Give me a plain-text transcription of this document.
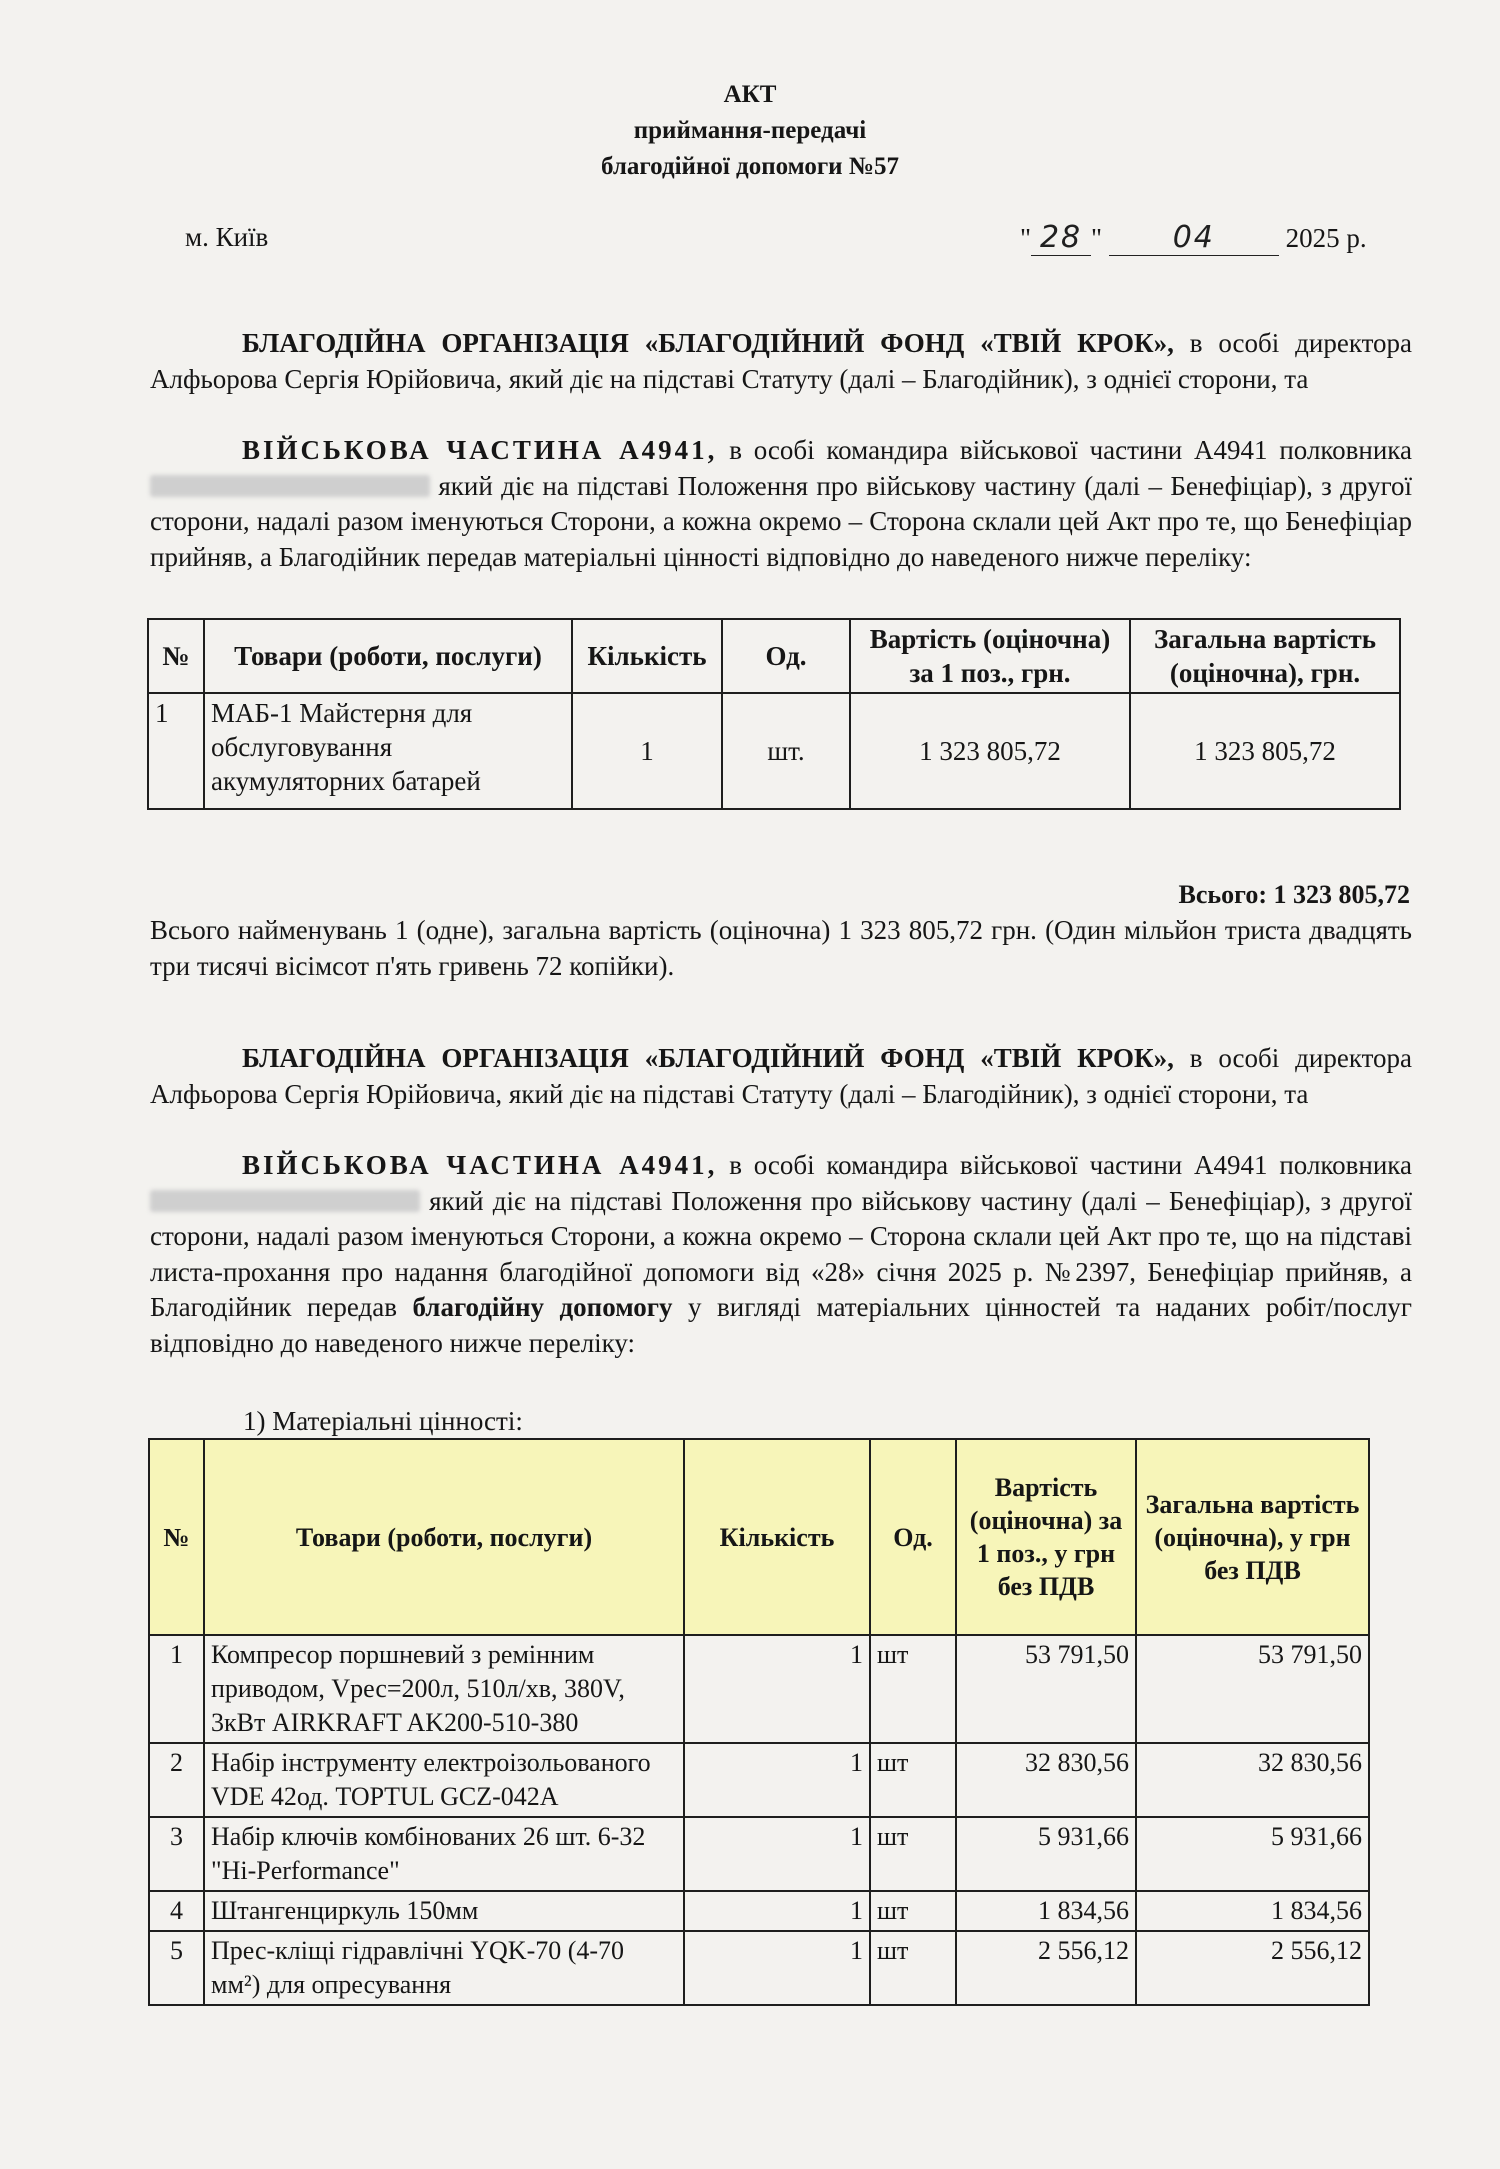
АКТ
приймання-передачі
благодійної допомоги №57
м. Київ	" 28 " 04	2025 р.
БЛАГОДІЙНА ОРГАНІЗАЦІЯ «БЛАГОДІЙНИЙ ФОНД «ТВІЙ КРОК», в особі директора Алфьорова Сергія Юрійовича, який діє на підставі Статуту (далі – Благодійник), з однієї сторони, та
ВІЙСЬКОВА ЧАСТИНА А4941, в особі командира військової частини А4941 полковника  який діє на підставі Положення про військову частину (далі – Бенефіціар), з другої сторони, надалі разом іменуються Сторони, а кожна окремо – Сторона склали цей Акт про те, що Бенефіціар прийняв, а Благодійник передав матеріальні цінності відповідно до наведеного нижче переліку:
№	Товари (роботи, послуги)	Кількість	Од.	Вартість (оціночна) за 1 поз., грн.	Загальна вартість (оціночна), грн.
1	МАБ-1 Майстерня для обслуговування акумуляторних батарей	1	шт.	1 323 805,72	1 323 805,72
Всього: 1 323 805,72
Всього найменувань 1 (одне), загальна вартість (оціночна) 1 323 805,72 грн. (Один мільйон триста двадцять три тисячі вісімсот п'ять гривень 72 копійки).
БЛАГОДІЙНА ОРГАНІЗАЦІЯ «БЛАГОДІЙНИЙ ФОНД «ТВІЙ КРОК», в особі директора Алфьорова Сергія Юрійовича, який діє на підставі Статуту (далі – Благодійник), з однієї сторони, та
ВІЙСЬКОВА ЧАСТИНА А4941, в особі командира військової частини А4941 полковника  який діє на підставі Положення про військову частину (далі – Бенефіціар), з другої сторони, надалі разом іменуються Сторони, а кожна окремо – Сторона склали цей Акт про те, що на підставі листа-прохання про надання благодійної допомоги від «28» січня 2025 р. №2397, Бенефіціар прийняв, а Благодійник передав благодійну допомогу у вигляді матеріальних цінностей та наданих робіт/послуг відповідно до наведеного нижче переліку:
1) Матеріальні цінності:
№	Товари (роботи, послуги)	Кількість	Од.	Вартість (оціночна) за 1 поз., у грн без ПДВ	Загальна вартість (оціночна), у грн без ПДВ
1	Компресор поршневий з ремінним приводом, Vрес=200л, 510л/хв, 380V, 3кВт AIRKRAFT AK200-510-380	1	шт	53 791,50	53 791,50
2	Набір інструменту електроізольованого VDE 42од. TOPTUL GCZ-042A	1	шт	32 830,56	32 830,56
3	Набір ключів комбінованих 26 шт. 6-32 "Hi-Performance"	1	шт	5 931,66	5 931,66
4	Штангенциркуль 150мм	1	шт	1 834,56	1 834,56
5	Прес-кліщі гідравлічні YQK-70 (4-70 мм²) для опресування	1	шт	2 556,12	2 556,12
